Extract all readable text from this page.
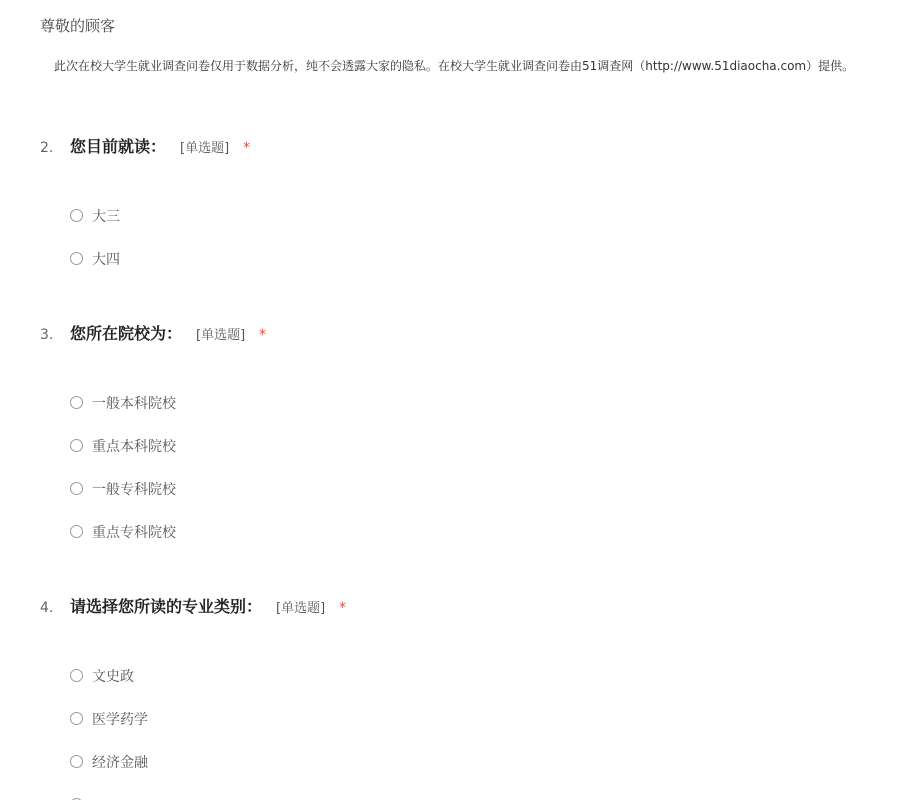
尊敬的顾客
此次在校大学生就业调查问卷仅用于数据分析，纯不会透露大家的隐私。在校大学生就业调查问卷由51调查网（http://www.51diaocha.com）提供。
2.	您目前就读： [单选题] *
大三
大四
3.	您所在院校为： [单选题] *
一般本科院校
重点本科院校
一般专科院校
重点专科院校
4.	请选择您所读的专业类别： [单选题] *
文史政
医学药学
经济金融
